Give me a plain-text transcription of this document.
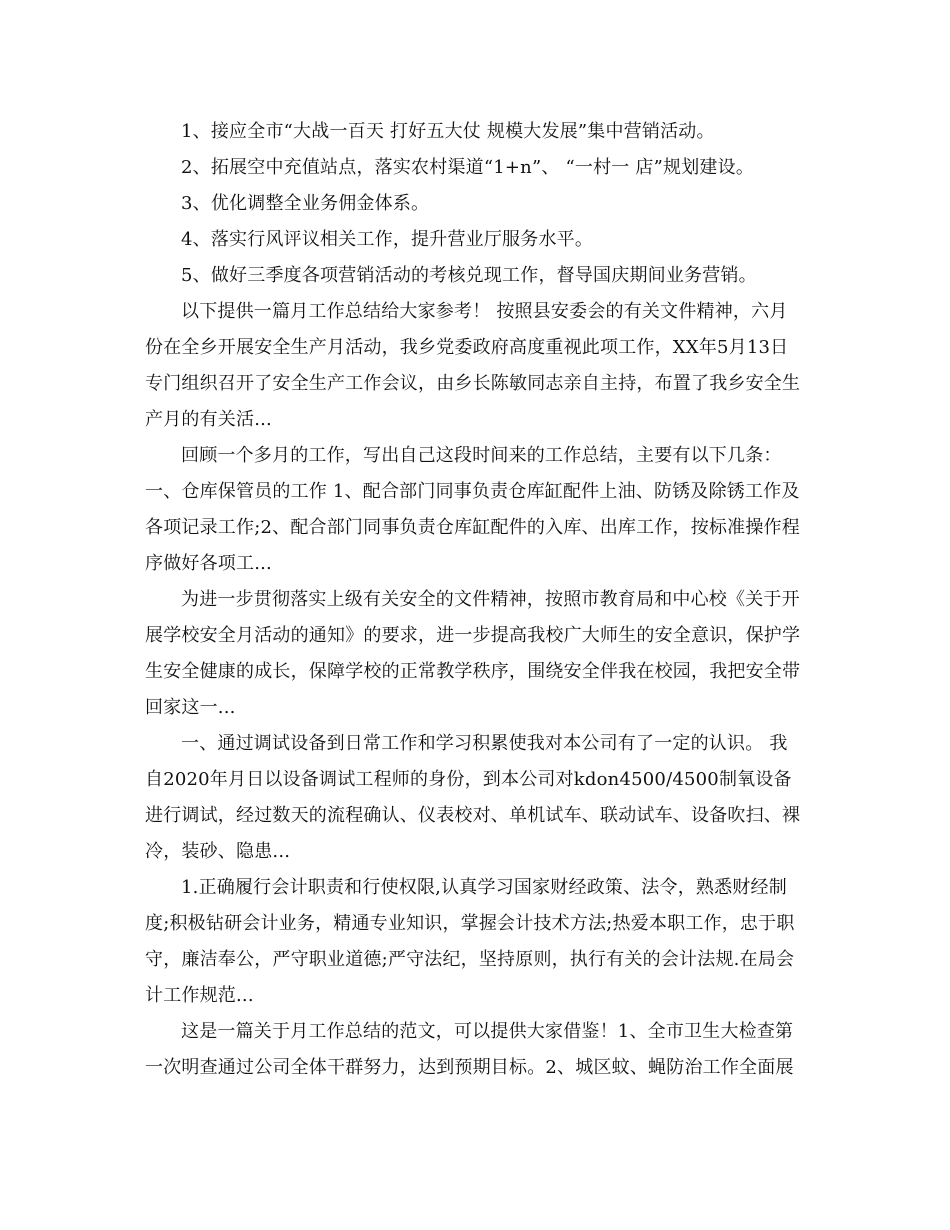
1、接应全市“大战一百天 打好五大仗 规模大发展”集中营销活动。

2、拓展空中充值站点，落实农村渠道“1+n”、 “一村一 店”规划建设。

3、优化调整全业务佣金体系。

4、落实行风评议相关工作，提升营业厅服务水平。

5、做好三季度各项营销活动的考核兑现工作，督导国庆期间业务营销。

以下提供一篇月工作总结给大家参考！ 按照县安委会的有关文件精神，六月份在全乡开展安全生产月活动，我乡党委政府高度重视此项工作，XX年5月13日专门组织召开了安全生产工作会议，由乡长陈敏同志亲自主持，布置了我乡安全生产月的有关活...

回顾一个多月的工作，写出自己这段时间来的工作总结，主要有以下几条：一、仓库保管员的工作 1、配合部门同事负责仓库缸配件上油、防锈及除锈工作及各项记录工作;2、配合部门同事负责仓库缸配件的入库、出库工作，按标准操作程序做好各项工...

为进一步贯彻落实上级有关安全的文件精神，按照市教育局和中心校《关于开展学校安全月活动的通知》的要求，进一步提高我校广大师生的安全意识，保护学生安全健康的成长，保障学校的正常教学秩序，围绕安全伴我在校园，我把安全带回家这一...

一、通过调试设备到日常工作和学习积累使我对本公司有了一定的认识。 我自2020年月日以设备调试工程师的身份，到本公司对kdon4500/4500制氧设备进行调试，经过数天的流程确认、仪表校对、单机试车、联动试车、设备吹扫、裸冷，装砂、隐患...

1.正确履行会计职责和行使权限,认真学习国家财经政策、法令，熟悉财经制度;积极钻研会计业务，精通专业知识，掌握会计技术方法;热爱本职工作，忠于职守，廉洁奉公，严守职业道德;严守法纪，坚持原则，执行有关的会计法规.在局会计工作规范...

这是一篇关于月工作总结的范文，可以提供大家借鉴！1、全市卫生大检查第一次明查通过公司全体干群努力，达到预期目标。2、城区蚊、蝇防治工作全面展
